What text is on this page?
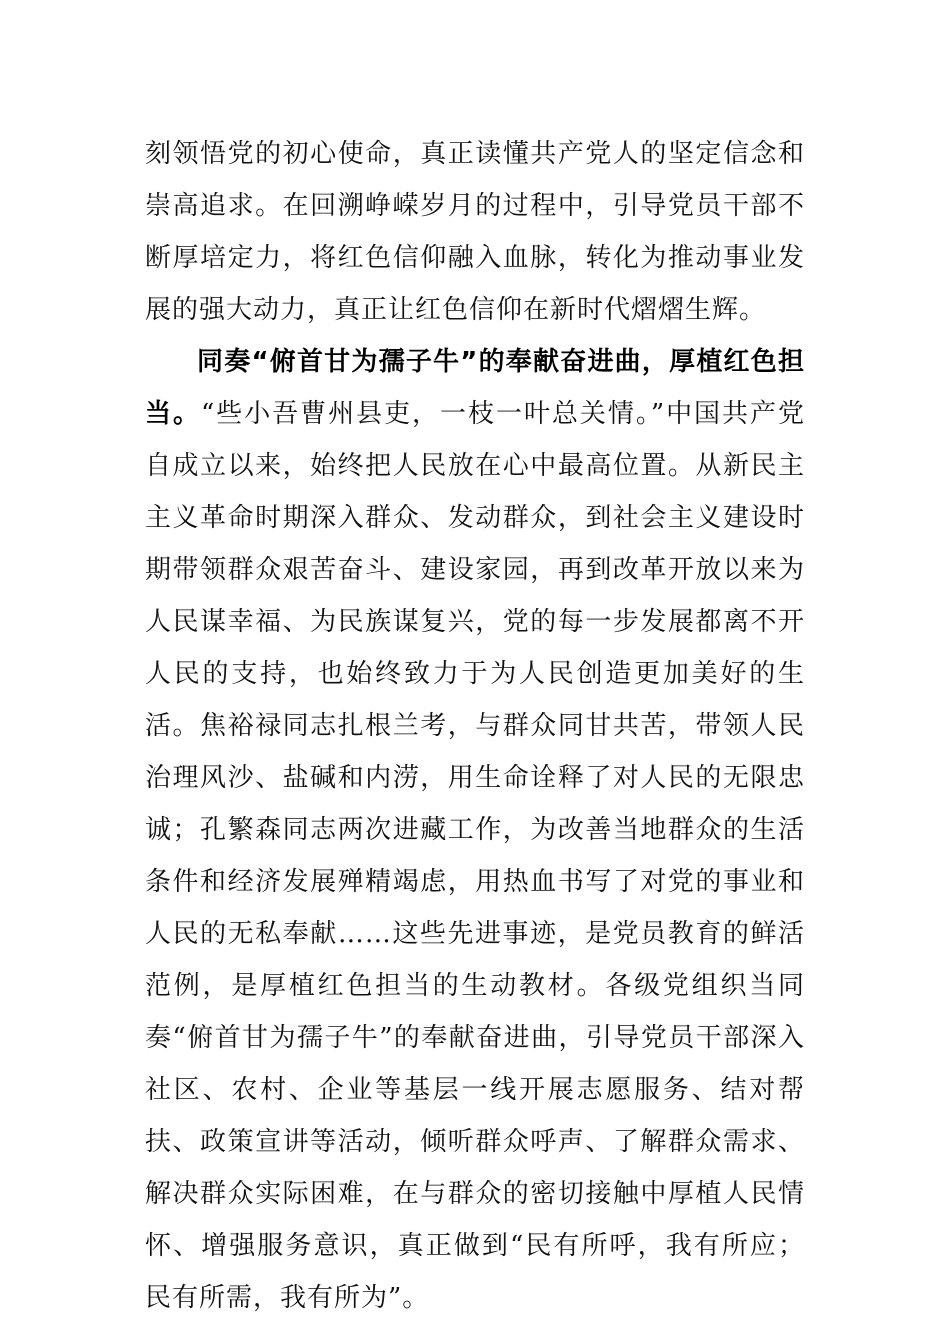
刻领悟党的初心使命，真正读懂共产党人的坚定信念和崇高追求。在回溯峥嵘岁月的过程中，引导党员干部不断厚培定力，将红色信仰融入血脉，转化为推动事业发展的强大动力，真正让红色信仰在新时代熠熠生辉。

同奏“俯首甘为孺子牛”的奉献奋进曲，厚植红色担当。“些小吾曹州县吏，一枝一叶总关情。”中国共产党自成立以来，始终把人民放在心中最高位置。从新民主主义革命时期深入群众、发动群众，到社会主义建设时期带领群众艰苦奋斗、建设家园，再到改革开放以来为人民谋幸福、为民族谋复兴，党的每一步发展都离不开人民的支持，也始终致力于为人民创造更加美好的生活。焦裕禄同志扎根兰考，与群众同甘共苦，带领人民治理风沙、盐碱和内涝，用生命诠释了对人民的无限忠诚；孔繁森同志两次进藏工作，为改善当地群众的生活条件和经济发展殚精竭虑，用热血书写了对党的事业和人民的无私奉献……这些先进事迹，是党员教育的鲜活范例，是厚植红色担当的生动教材。各级党组织当同奏“俯首甘为孺子牛”的奉献奋进曲，引导党员干部深入社区、农村、企业等基层一线开展志愿服务、结对帮扶、政策宣讲等活动，倾听群众呼声、了解群众需求、解决群众实际困难，在与群众的密切接触中厚植人民情怀、增强服务意识，真正做到“民有所呼，我有所应；民有所需，我有所为”。
